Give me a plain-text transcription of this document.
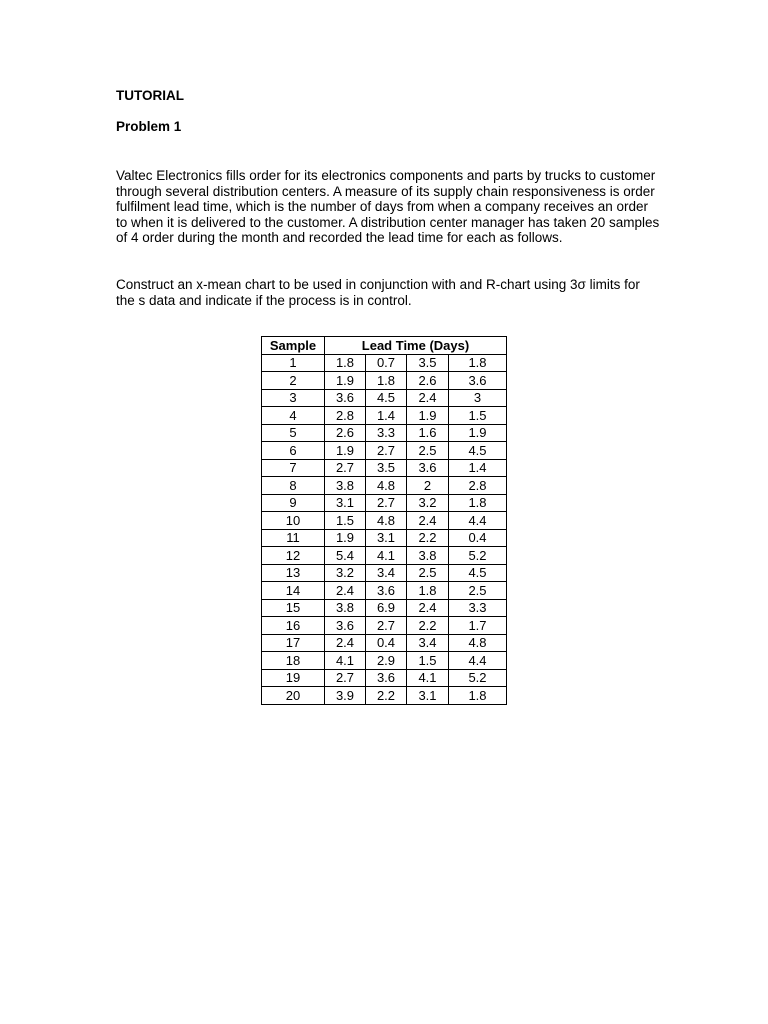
TUTORIAL

Problem 1

Valtec Electronics fills order for its electronics components and parts by trucks to customer
through several distribution centers. A measure of its supply chain responsiveness is order
fulfilment lead time, which is the number of days from when a company receives an order
to when it is delivered to the customer. A distribution center manager has taken 20 samples
of 4 order during the month and recorded the lead time for each as follows.

Construct an x-mean chart to be used in conjunction with and R-chart using 3σ limits for
the s data and indicate if the process is in control.

Sample	Lead Time (Days)			
1	1.8	0.7	3.5	1.8
2	1.9	1.8	2.6	3.6
3	3.6	4.5	2.4	3
4	2.8	1.4	1.9	1.5
5	2.6	3.3	1.6	1.9
6	1.9	2.7	2.5	4.5
7	2.7	3.5	3.6	1.4
8	3.8	4.8	2	2.8
9	3.1	2.7	3.2	1.8
10	1.5	4.8	2.4	4.4
11	1.9	3.1	2.2	0.4
12	5.4	4.1	3.8	5.2
13	3.2	3.4	2.5	4.5
14	2.4	3.6	1.8	2.5
15	3.8	6.9	2.4	3.3
16	3.6	2.7	2.2	1.7
17	2.4	0.4	3.4	4.8
18	4.1	2.9	1.5	4.4
19	2.7	3.6	4.1	5.2
20	3.9	2.2	3.1	1.8
